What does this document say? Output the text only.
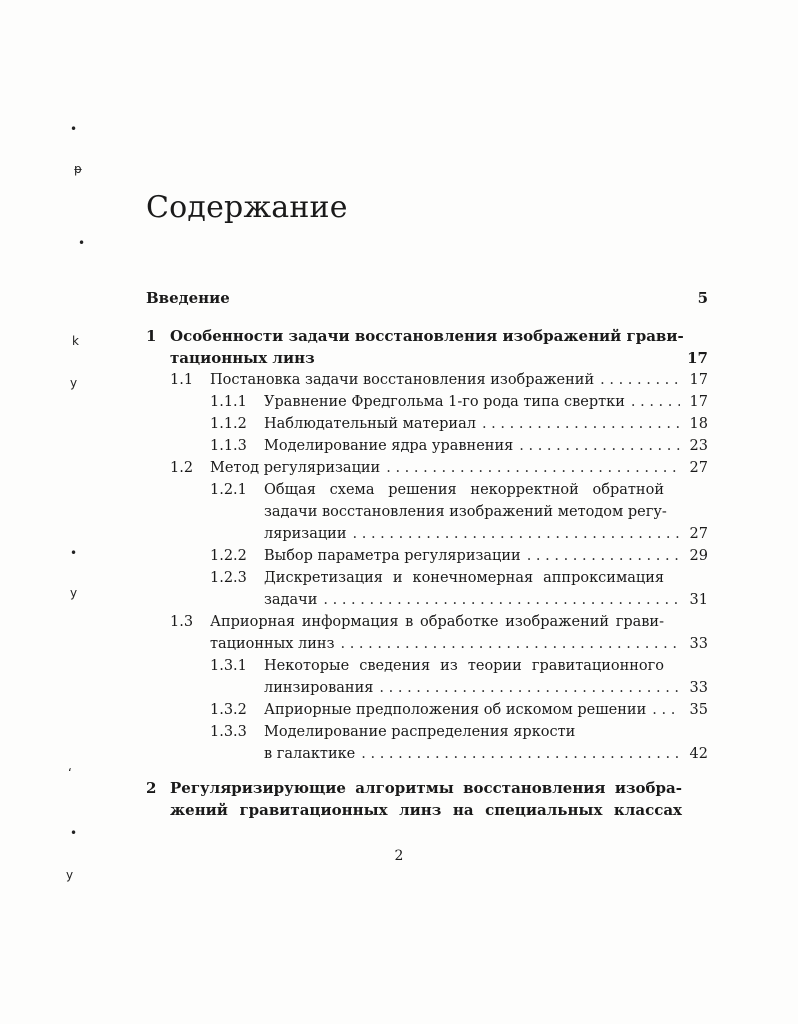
•
ᵽ
•
k
y
•
y
ʻ
•
y
Содержание
Введение	5
1 Особенности задачи восстановления изображений грави-
тационных линз	17
1.1	Постановка задачи восстановления изображений . . .	17
1.1.1	Уравнение Фредгольма 1-го рода типа свертки . . .	17
1.1.2	Наблюдательный материал . . .	18
1.1.3	Моделирование ядра уравнения . . .	23
1.2	Метод регуляризации . . .	27
1.2.1	Общая схема решения некорректной обратной
задачи восстановления изображений методом регу-
ляризации . . .	27
1.2.2	Выбор параметра регуляризации . . .	29
1.2.3	Дискретизация и конечномерная аппроксимация
задачи . . .	31
1.3	Априорная информация в обработке изображений грави-
тационных линз . . .	33
1.3.1	Некоторые сведения из теории гравитационного
линзирования . . .	33
1.3.2	Априорные предположения об искомом решении . . .	35
1.3.3	Моделирование распределения яркости
в галактике . . .	42
2 Регуляризирующие алгоритмы восстановления изобра-
жений гравитационных линз на специальных классах
2
